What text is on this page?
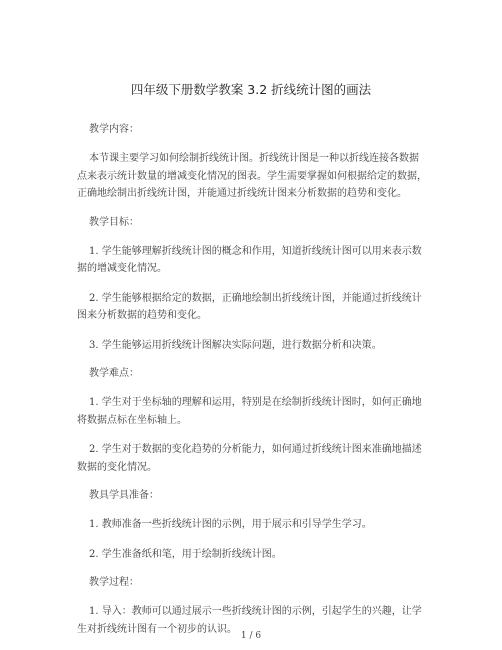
四年级下册数学教案 3.2 折线统计图的画法
教学内容：
本节课主要学习如何绘制折线统计图。折线统计图是一种以折线连接各数据点来表示统计数量的增减变化情况的图表。学生需要掌握如何根据给定的数据，正确地绘制出折线统计图，并能通过折线统计图来分析数据的趋势和变化。
教学目标：
1. 学生能够理解折线统计图的概念和作用，知道折线统计图可以用来表示数据的增减变化情况。
2. 学生能够根据给定的数据，正确地绘制出折线统计图，并能通过折线统计图来分析数据的趋势和变化。
3. 学生能够运用折线统计图解决实际问题，进行数据分析和决策。
教学难点：
1. 学生对于坐标轴的理解和运用，特别是在绘制折线统计图时，如何正确地将数据点标在坐标轴上。
2. 学生对于数据的变化趋势的分析能力，如何通过折线统计图来准确地描述数据的变化情况。
教具学具准备：
1. 教师准备一些折线统计图的示例，用于展示和引导学生学习。
2. 学生准备纸和笔，用于绘制折线统计图。
教学过程：
1. 导入：教师可以通过展示一些折线统计图的示例，引起学生的兴趣，让学生对折线统计图有一个初步的认识。
1 / 6
